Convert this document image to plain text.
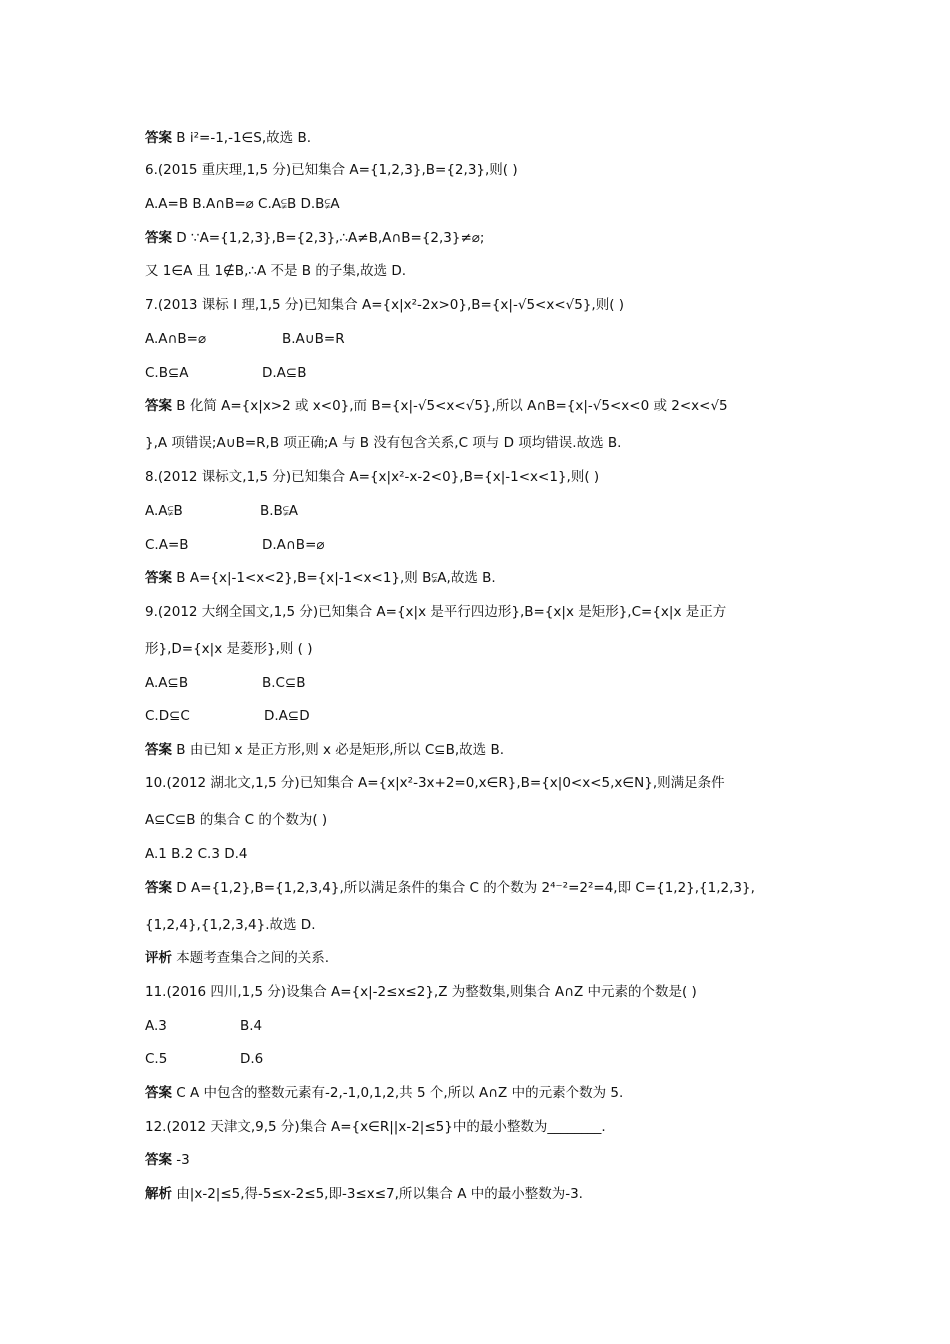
答案 B i²=-1,-1∈S,故选 B.
6.(2015 重庆理,1,5 分)已知集合 A={1,2,3},B={2,3},则( )
A.A=B B.A∩B=⌀ C.A⫋B D.B⫋A
答案 D ∵A={1,2,3},B={2,3},∴A≠B,A∩B={2,3}≠⌀;
又 1∈A 且 1∉B,∴A 不是 B 的子集,故选 D.
7.(2013 课标 Ⅰ 理,1,5 分)已知集合 A={x|x²-2x>0},B={x|-√5<x<√5},则( )
A.A∩B=⌀	B.A∪B=R
C.B⊆A	D.A⊆B
答案 B 化简 A={x|x>2 或 x<0},而 B={x|-√5<x<√5},所以 A∩B={x|-√5<x<0 或 2<x<√5
},A 项错误;A∪B=R,B 项正确;A 与 B 没有包含关系,C 项与 D 项均错误.故选 B.
8.(2012 课标文,1,5 分)已知集合 A={x|x²-x-2<0},B={x|-1<x<1},则( )
A.A⫋B	B.B⫋A
C.A=B	D.A∩B=⌀
答案 B A={x|-1<x<2},B={x|-1<x<1},则 B⫋A,故选 B.
9.(2012 大纲全国文,1,5 分)已知集合 A={x|x 是平行四边形},B={x|x 是矩形},C={x|x 是正方
形},D={x|x 是菱形},则 ( )
A.A⊆B	B.C⊆B
C.D⊆C	D.A⊆D
答案 B 由已知 x 是正方形,则 x 必是矩形,所以 C⊆B,故选 B.
10.(2012 湖北文,1,5 分)已知集合 A={x|x²-3x+2=0,x∈R},B={x|0<x<5,x∈N},则满足条件
A⊆C⊆B 的集合 C 的个数为( )
A.1 B.2 C.3 D.4
答案 D A={1,2},B={1,2,3,4},所以满足条件的集合 C 的个数为 2⁴⁻²=2²=4,即 C={1,2},{1,2,3},
{1,2,4},{1,2,3,4}.故选 D.
评析 本题考查集合之间的关系.
11.(2016 四川,1,5 分)设集合 A={x|-2≤x≤2},Z 为整数集,则集合 A∩Z 中元素的个数是( )
A.3	B.4
C.5	D.6
答案 C A 中包含的整数元素有-2,-1,0,1,2,共 5 个,所以 A∩Z 中的元素个数为 5.
12.(2012 天津文,9,5 分)集合 A={x∈R||x-2|≤5}中的最小整数为________.
答案 -3
解析 由|x-2|≤5,得-5≤x-2≤5,即-3≤x≤7,所以集合 A 中的最小整数为-3.
